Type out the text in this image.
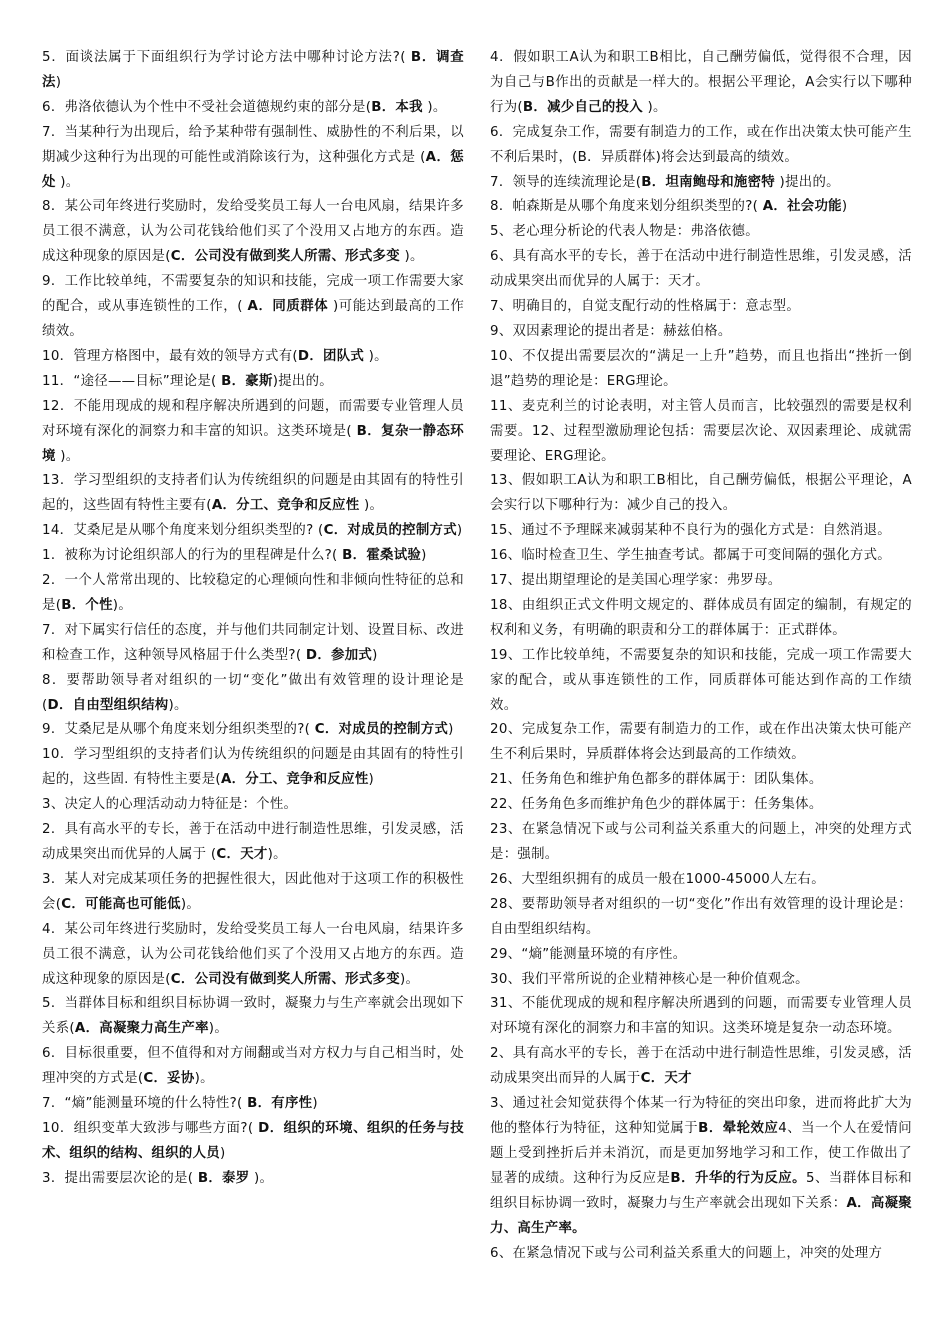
5．面谈法属于下面组织行为学讨论方法中哪种讨论方法?( B．调查法)

6．弗洛依德认为个性中不受社会道德规约束的部分是(B．本我 )。

7．当某种行为出现后，给予某种带有强制性、威胁性的不利后果，以期减少这种行为出现的可能性或消除该行为，这种强化方式是 (A．惩处 )。

8．某公司年终进行奖励时，发给受奖员工每人一台电风扇，结果许多员工很不满意，认为公司花钱给他们买了个没用又占地方的东西。造成这种现象的原因是(C．公司没有做到奖人所需、形式多变 )。

9．工作比较单纯，不需要复杂的知识和技能，完成一项工作需要大家的配合，或从事连锁性的工作，( A．同质群体 )可能达到最高的工作绩效。

10．管理方格图中，最有效的领导方式有(D．团队式 )。

11．“途径——目标”理论是( B．豪斯)提出的。

12．不能用现成的规和程序解决所遇到的问题，而需要专业管理人员对环境有深化的洞察力和丰富的知识。这类环境是( B．复杂一静态环境 )。

13．学习型组织的支持者们认为传统组织的问题是由其固有的特性引起的，这些固有特性主要有(A．分工、竞争和反应性 )。

14．艾桑尼是从哪个角度来划分组织类型的? (C．对成员的控制方式)

1．被称为讨论组织部人的行为的里程碑是什么?( B．霍桑试验)

2．一个人常常出现的、比较稳定的心理倾向性和非倾向性特征的总和是(B．个性)。

7．对下属实行信任的态度，并与他们共同制定计划、设置目标、改进和检查工作，这种领导风格屈于什么类型?( D．参加式)

8．要帮助领导者对组织的一切“变化”做出有效管理的设计理论是(D．自由型组织结构)。

9．艾桑尼是从哪个角度来划分组织类型的?( C．对成员的控制方式)

10．学习型组织的支持者们认为传统组织的问题是由其固有的特性引起的，这些固. 有特性主要是(A．分工、竞争和反应性)

3、决定人的心理活动动力特征是：个性。

2．具有高水平的专长，善于在活动中进行制造性思维，引发灵感，活动成果突出而优异的人属于 (C．天才)。

3．某人对完成某项任务的把握性很大，因此他对于这项工作的积极性会(C．可能高也可能低)。

4．某公司年终进行奖励时，发给受奖员工每人一台电风扇，结果许多员工很不满意，认为公司花钱给他们买了个没用又占地方的东西。造成这种现象的原因是(C．公司没有做到奖人所需、形式多变)。

5．当群体目标和组织目标协调一致时，凝聚力与生产率就会出现如下关系(A．高凝聚力高生产率)。

6．目标很重要，但不值得和对方闹翻或当对方权力与自己相当时，处理冲突的方式是(C．妥协)。

7．“熵”能测量环境的什么特性?( B．有序性)

10．组织变革大致涉与哪些方面?( D．组织的环境、组织的任务与技术、组织的结构、组织的人员)

3．提出需要层次论的是( B．泰罗 )。

4．假如职工A认为和职工B相比，自己酬劳偏低，觉得很不合理，因为自己与B作出的贡献是一样大的。根据公平理论，A会实行以下哪种行为(B．减少自己的投入 )。

6．完成复杂工作，需要有制造力的工作，或在作出决策太快可能产生不利后果时，(B．异质群体)将会达到最高的绩效。

7．领导的连续流理论是(B．坦南鲍母和施密特 )提出的。

8．帕森斯是从哪个角度来划分组织类型的?( A．社会功能)

5、老心理分析论的代表人物是：弗洛依德。

6、具有高水平的专长，善于在活动中进行制造性思维，引发灵感，活动成果突出而优异的人属于：天才。

7、明确目的，自觉支配行动的性格属于：意志型。

9、双因素理论的提出者是：赫兹伯格。

10、不仅提出需要层次的“满足一上升”趋势，而且也指出“挫折一倒退”趋势的理论是：ERG理论。

11、麦克利兰的讨论表明，对主管人员而言，比较强烈的需要是权利需要。12、过程型激励理论包括：需要层次论、双因素理论、成就需要理论、ERG理论。

13、假如职工A认为和职工B相比，自己酬劳偏低，根据公平理论，A会实行以下哪种行为：减少自己的投入。

15、通过不予理睬来减弱某种不良行为的强化方式是：自然消退。

16、临时检查卫生、学生抽查考试。都属于可变间隔的强化方式。

17、提出期望理论的是美国心理学家：弗罗母。

18、由组织正式文件明文规定的、群体成员有固定的编制，有规定的权利和义务，有明确的职责和分工的群体属于：正式群体。

19、工作比较单纯，不需要复杂的知识和技能，完成一项工作需要大家的配合，或从事连锁性的工作，同质群体可能达到作高的工作绩效。

20、完成复杂工作，需要有制造力的工作，或在作出决策太快可能产生不利后果时，异质群体将会达到最高的工作绩效。

21、任务角色和维护角色都多的群体属于：团队集体。

22、任务角色多而维护角色少的群体属于：任务集体。

23、在紧急情况下或与公司利益关系重大的问题上，冲突的处理方式是：强制。

26、大型组织拥有的成员一般在1000-45000人左右。

28、要帮助领导者对组织的一切“变化”作出有效管理的设计理论是：自由型组织结构。

29、“熵”能测量环境的有序性。

30、我们平常所说的企业精神核心是一种价值观念。

31、不能优现成的规和程序解决所遇到的问题，而需要专业管理人员对环境有深化的洞察力和丰富的知识。这类环境是复杂一动态环境。

2、具有高水平的专长，善于在活动中进行制造性思维，引发灵感，活动成果突出而异的人属于C．天才

3、通过社会知觉获得个体某一行为特征的突出印象，进而将此扩大为他的整体行为特征，这种知觉属于B．晕轮效应4、当一个人在爱情问题上受到挫折后并未消沉，而是更加努地学习和工作，使工作做出了显著的成绩。这种行为反应是B．升华的行为反应。5、当群体目标和组织目标协调一致时，凝聚力与生产率就会出现如下关系：A．高凝聚力、高生产率。

6、在紧急情况下或与公司利益关系重大的问题上，冲突的处理方
